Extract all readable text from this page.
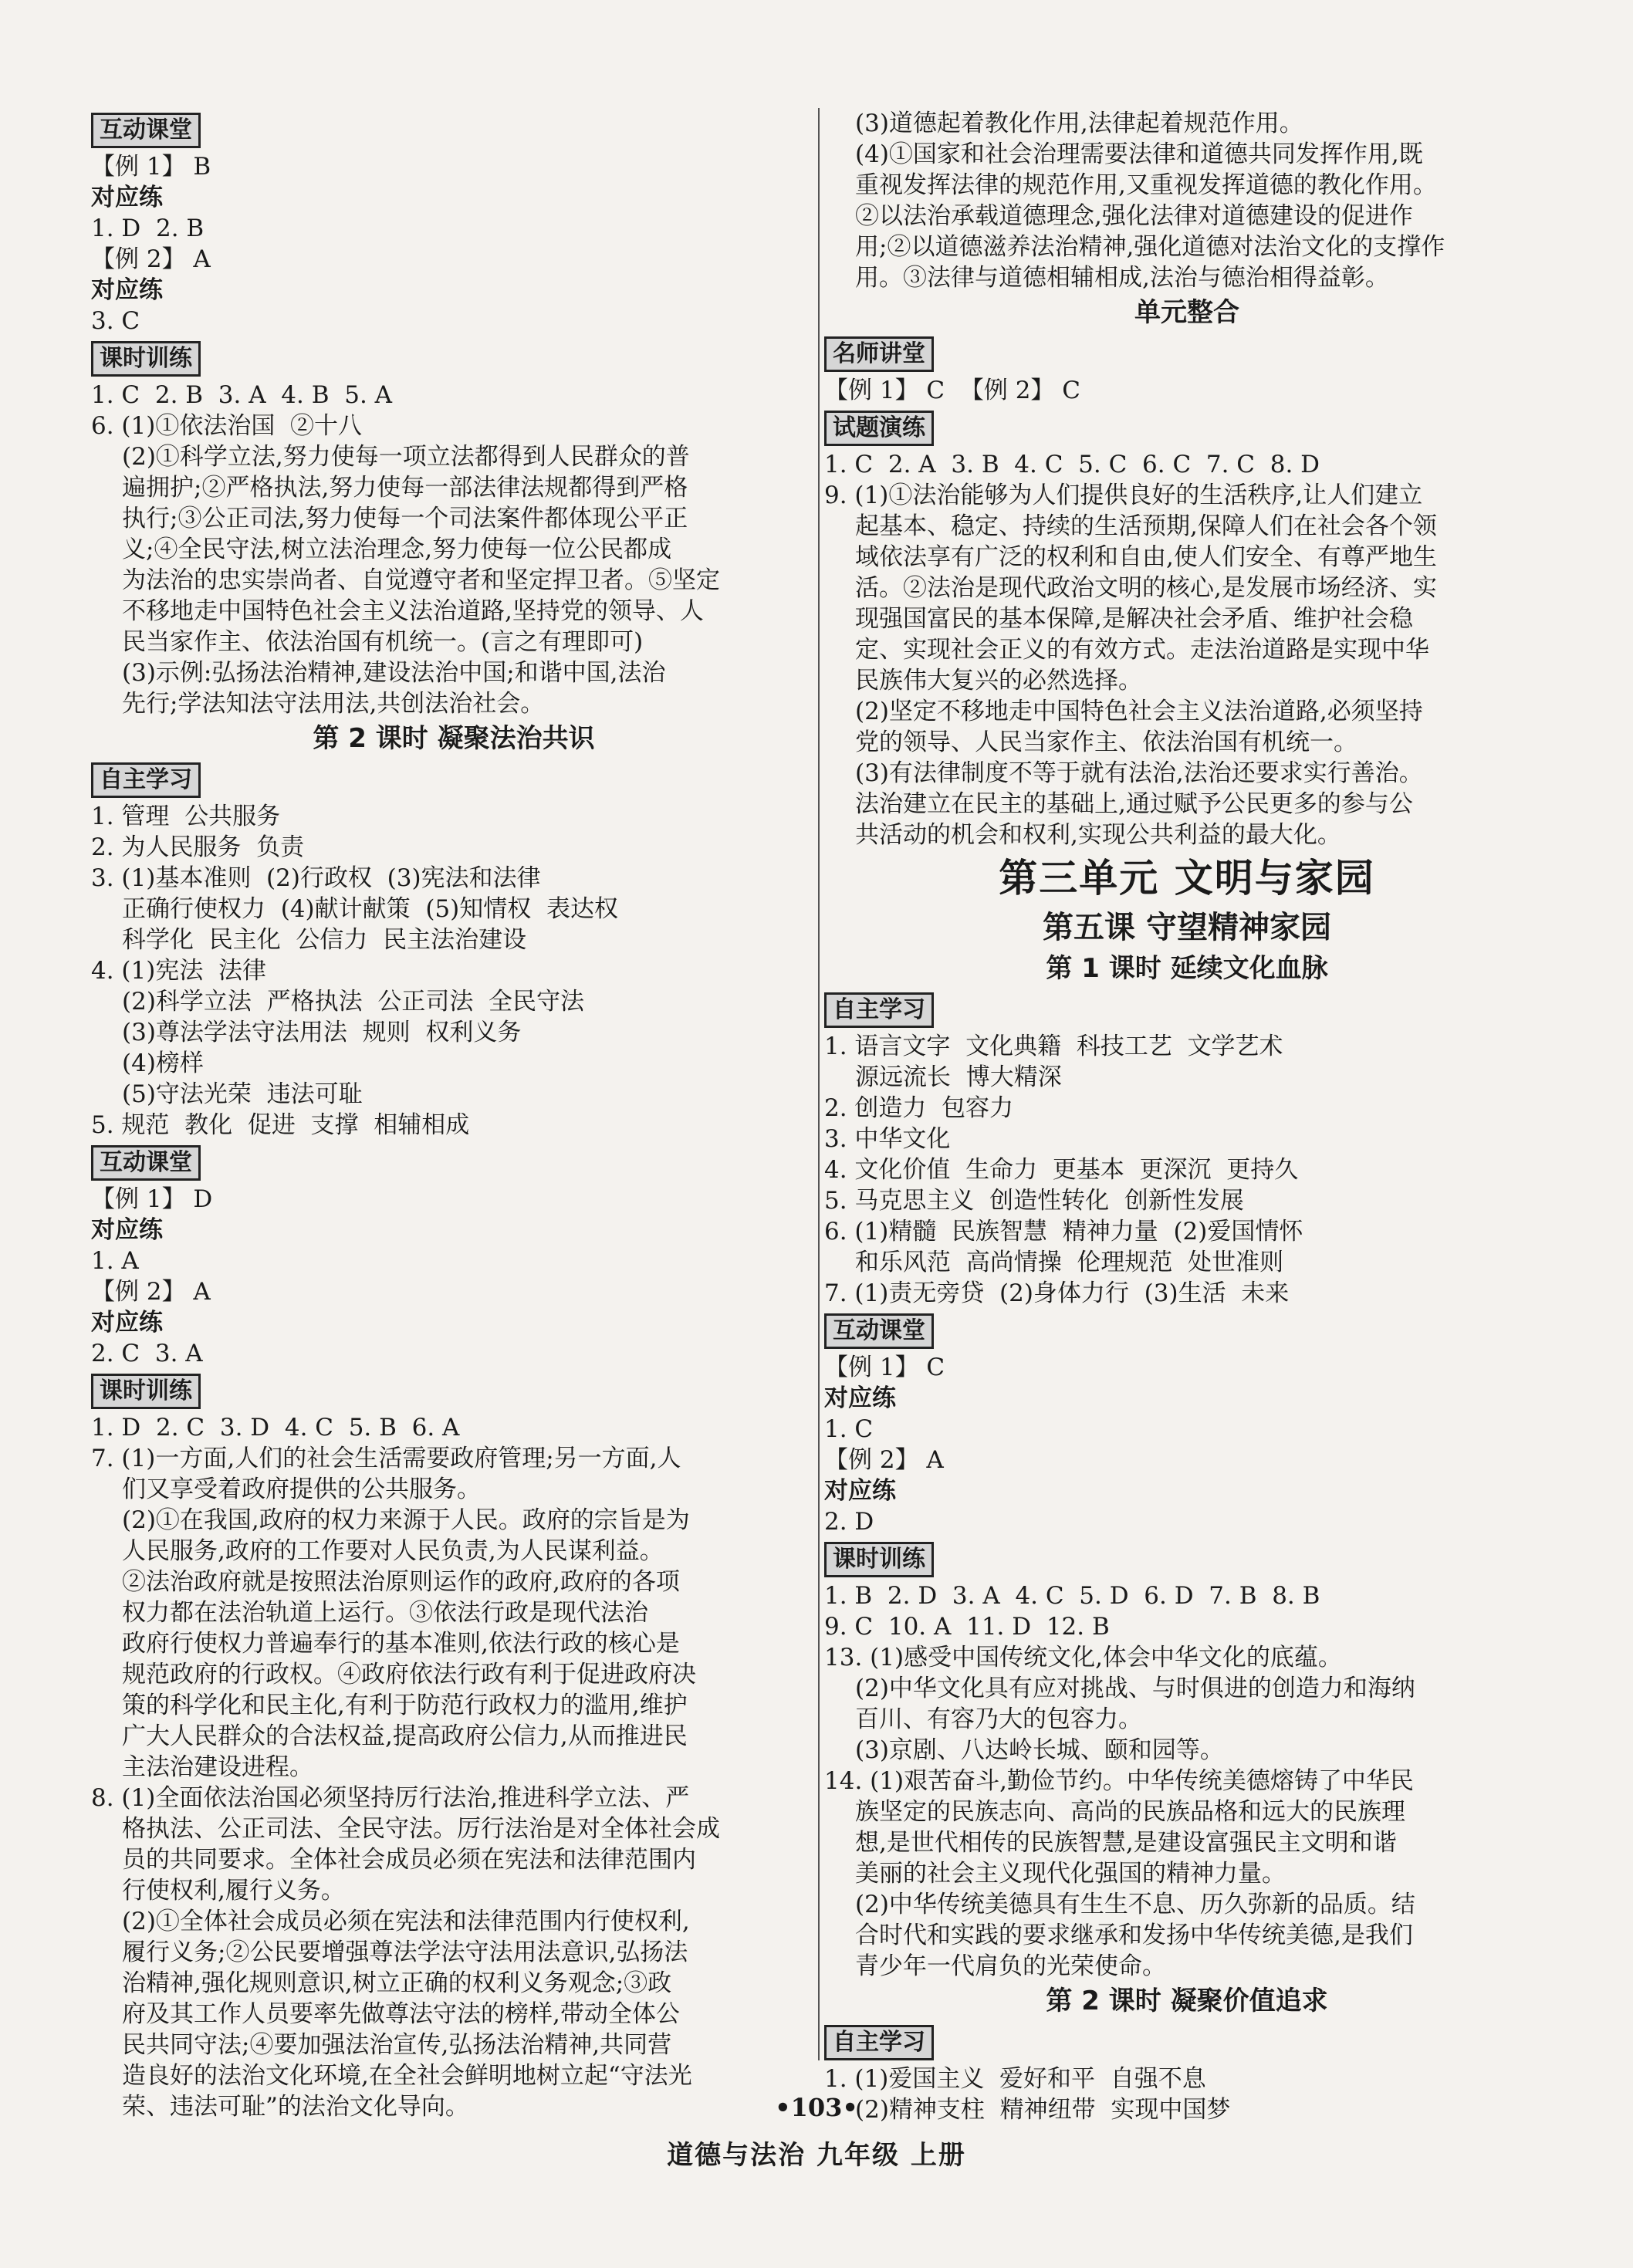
互动课堂
【例 1】 B
对应练
1. D  2. B
【例 2】 A
对应练
3. C
课时训练
1. C  2. B  3. A  4. B  5. A
6. (1)①依法治国  ②十八
(2)①科学立法,努力使每一项立法都得到人民群众的普
遍拥护;②严格执法,努力使每一部法律法规都得到严格
执行;③公正司法,努力使每一个司法案件都体现公平正
义;④全民守法,树立法治理念,努力使每一位公民都成
为法治的忠实崇尚者、自觉遵守者和坚定捍卫者。⑤坚定
不移地走中国特色社会主义法治道路,坚持党的领导、人
民当家作主、依法治国有机统一。(言之有理即可)
(3)示例:弘扬法治精神,建设法治中国;和谐中国,法治
先行;学法知法守法用法,共创法治社会。
第 2 课时 凝聚法治共识
自主学习
1. 管理  公共服务
2. 为人民服务  负责
3. (1)基本准则  (2)行政权  (3)宪法和法律
正确行使权力  (4)献计献策  (5)知情权  表达权
科学化  民主化  公信力  民主法治建设
4. (1)宪法  法律
(2)科学立法  严格执法  公正司法  全民守法
(3)尊法学法守法用法  规则  权利义务
(4)榜样
(5)守法光荣  违法可耻
5. 规范  教化  促进  支撑  相辅相成
互动课堂
【例 1】 D
对应练
1. A
【例 2】 A
对应练
2. C  3. A
课时训练
1. D  2. C  3. D  4. C  5. B  6. A
7. (1)一方面,人们的社会生活需要政府管理;另一方面,人
们又享受着政府提供的公共服务。
(2)①在我国,政府的权力来源于人民。政府的宗旨是为
人民服务,政府的工作要对人民负责,为人民谋利益。
②法治政府就是按照法治原则运作的政府,政府的各项
权力都在法治轨道上运行。③依法行政是现代法治
政府行使权力普遍奉行的基本准则,依法行政的核心是
规范政府的行政权。④政府依法行政有利于促进政府决
策的科学化和民主化,有利于防范行政权力的滥用,维护
广大人民群众的合法权益,提高政府公信力,从而推进民
主法治建设进程。
8. (1)全面依法治国必须坚持厉行法治,推进科学立法、严
格执法、公正司法、全民守法。厉行法治是对全体社会成
员的共同要求。全体社会成员必须在宪法和法律范围内
行使权利,履行义务。
(2)①全体社会成员必须在宪法和法律范围内行使权利,
履行义务;②公民要增强尊法学法守法用法意识,弘扬法
治精神,强化规则意识,树立正确的权利义务观念;③政
府及其工作人员要率先做尊法守法的榜样,带动全体公
民共同守法;④要加强法治宣传,弘扬法治精神,共同营
造良好的法治文化环境,在全社会鲜明地树立起“守法光
荣、违法可耻”的法治文化导向。
(3)道德起着教化作用,法律起着规范作用。
(4)①国家和社会治理需要法律和道德共同发挥作用,既
重视发挥法律的规范作用,又重视发挥道德的教化作用。
②以法治承载道德理念,强化法律对道德建设的促进作
用;②以道德滋养法治精神,强化道德对法治文化的支撑作
用。③法律与道德相辅相成,法治与德治相得益彰。
单元整合
名师讲堂
【例 1】 C  【例 2】 C
试题演练
1. C  2. A  3. B  4. C  5. C  6. C  7. C  8. D
9. (1)①法治能够为人们提供良好的生活秩序,让人们建立
起基本、稳定、持续的生活预期,保障人们在社会各个领
域依法享有广泛的权利和自由,使人们安全、有尊严地生
活。②法治是现代政治文明的核心,是发展市场经济、实
现强国富民的基本保障,是解决社会矛盾、维护社会稳
定、实现社会正义的有效方式。走法治道路是实现中华
民族伟大复兴的必然选择。
(2)坚定不移地走中国特色社会主义法治道路,必须坚持
党的领导、人民当家作主、依法治国有机统一。
(3)有法律制度不等于就有法治,法治还要求实行善治。
法治建立在民主的基础上,通过赋予公民更多的参与公
共活动的机会和权利,实现公共利益的最大化。
第三单元 文明与家园
第五课 守望精神家园
第 1 课时 延续文化血脉
自主学习
1. 语言文字  文化典籍  科技工艺  文学艺术
源远流长  博大精深
2. 创造力  包容力
3. 中华文化
4. 文化价值  生命力  更基本  更深沉  更持久
5. 马克思主义  创造性转化  创新性发展
6. (1)精髓  民族智慧  精神力量  (2)爱国情怀
和乐风范  高尚情操  伦理规范  处世准则
7. (1)责无旁贷  (2)身体力行  (3)生活  未来
互动课堂
【例 1】 C
对应练
1. C
【例 2】 A
对应练
2. D
课时训练
1. B  2. D  3. A  4. C  5. D  6. D  7. B  8. B
9. C  10. A  11. D  12. B
13. (1)感受中国传统文化,体会中华文化的底蕴。
(2)中华文化具有应对挑战、与时俱进的创造力和海纳
百川、有容乃大的包容力。
(3)京剧、八达岭长城、颐和园等。
14. (1)艰苦奋斗,勤俭节约。中华传统美德熔铸了中华民
族坚定的民族志向、高尚的民族品格和远大的民族理
想,是世代相传的民族智慧,是建设富强民主文明和谐
美丽的社会主义现代化强国的精神力量。
(2)中华传统美德具有生生不息、历久弥新的品质。结
合时代和实践的要求继承和发扬中华传统美德,是我们
青少年一代肩负的光荣使命。
第 2 课时 凝聚价值追求
自主学习
1. (1)爱国主义  爱好和平  自强不息
(2)精神支柱  精神纽带  实现中国梦
•103•
道德与法治 九年级 上册
